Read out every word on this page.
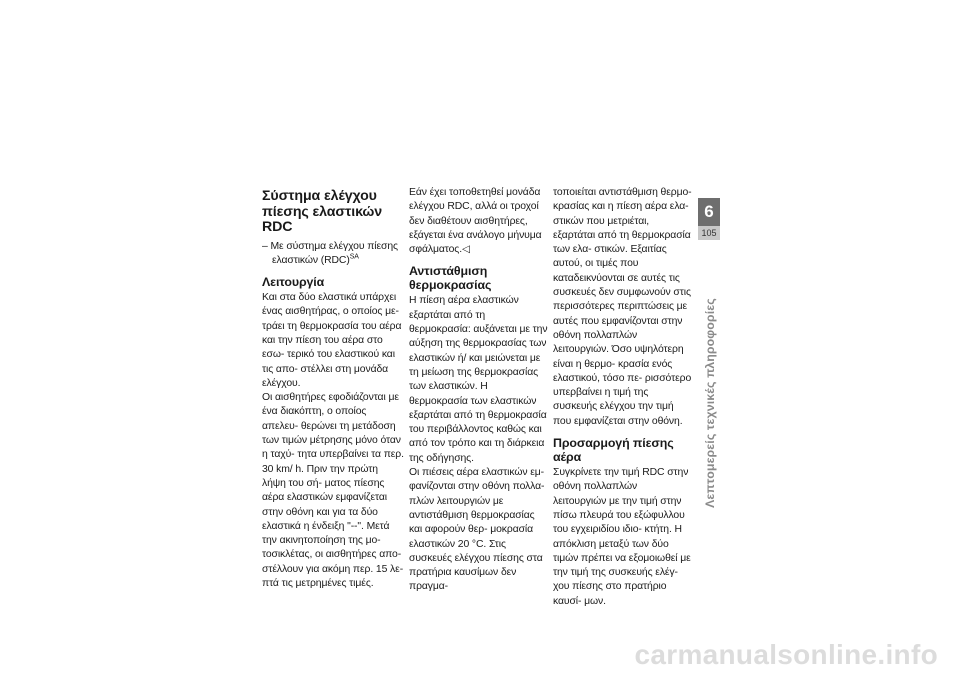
Σύστημα ελέγχου πίεσης ελαστικών RDC
– Με σύστημα ελέγχου πίεσης ελαστικών (RDC)$^{SA}$
Λειτουργία

Και στα δύο ελαστικά υπάρχει ένας αισθητήρας, ο οποίος με- τράει τη θερμοκρασία του αέρα και την πίεση του αέρα στο εσω- τερικό του ελαστικού και τις απο- στέλλει στη μονάδα ελέγχου.

Οι αισθητήρες εφοδιάζονται με ένα διακόπτη, ο οποίος απελευ- θερώνει τη μετάδοση των τιμών μέτρησης μόνο όταν η ταχύ- τητα υπερβαίνει τα περ. 30 km/ h. Πριν την πρώτη λήψη του σή- ματος πίεσης αέρα ελαστικών εμφανίζεται στην οθόνη και για τα δύο ελαστικά η ένδειξη "--". Μετά την ακινητοποίηση της μο- τοσικλέτας, οι αισθητήρες απο- στέλλουν για ακόμη περ. 15 λε- πτά τις μετρημένες τιμές.

Εάν έχει τοποθετηθεί μονάδα ελέγχου RDC, αλλά οι τροχοί δεν διαθέτουν αισθητήρες, εξάγεται ένα ανάλογο μήνυμα σφάλματος.◁

Αντιστάθμιση θερμοκρασίας

Η πίεση αέρα ελαστικών εξαρτάται από τη θερμοκρασία: αυξάνεται με την αύξηση της θερμοκρασίας των ελαστικών ή/ και μειώνεται με τη μείωση της θερμοκρασίας των ελαστικών. Η θερμοκρασία των ελαστικών εξαρτάται από τη θερμοκρασία του περιβάλλοντος καθώς και από τον τρόπο και τη διάρκεια της οδήγησης.

Οι πιέσεις αέρα ελαστικών εμ- φανίζονται στην οθόνη πολλα- πλών λειτουργιών με αντιστάθμιση θερμοκρασίας και αφορούν θερ- μοκρασία ελαστικών 20 °C. Στις συσκευές ελέγχου πίεσης στα πρατήρια καυσίμων δεν πραγμα-

τοποιείται αντιστάθμιση θερμο- κρασίας και η πίεση αέρα ελα- στικών που μετριέται, εξαρτάται από τη θερμοκρασία των ελα- στικών. Εξαιτίας αυτού, οι τιμές που καταδεικνύονται σε αυτές τις συσκευές δεν συμφωνούν στις περισσότερες περιπτώσεις με αυτές που εμφανίζονται στην οθόνη πολλαπλών λειτουργιών. Όσο υψηλότερη είναι η θερμο- κρασία ενός ελαστικού, τόσο πε- ρισσότερο υπερβαίνει η τιμή της συσκευής ελέγχου την τιμή που εμφανίζεται στην οθόνη.

Προσαρμογή πίεσης αέρα

Συγκρίνετε την τιμή RDC στην οθόνη πολλαπλών λειτουργιών με την τιμή στην πίσω πλευρά του εξώφυλλου του εγχειριδίου ιδιο- κτήτη. Η απόκλιση μεταξύ των δύο τιμών πρέπει να εξομοιωθεί με την τιμή της συσκευής ελέγ- χου πίεσης στο πρατήριο καυσί- μων.

6
105
Λεπτομερείς τεχνικές πληροφορίες
carmanualsonline.info
